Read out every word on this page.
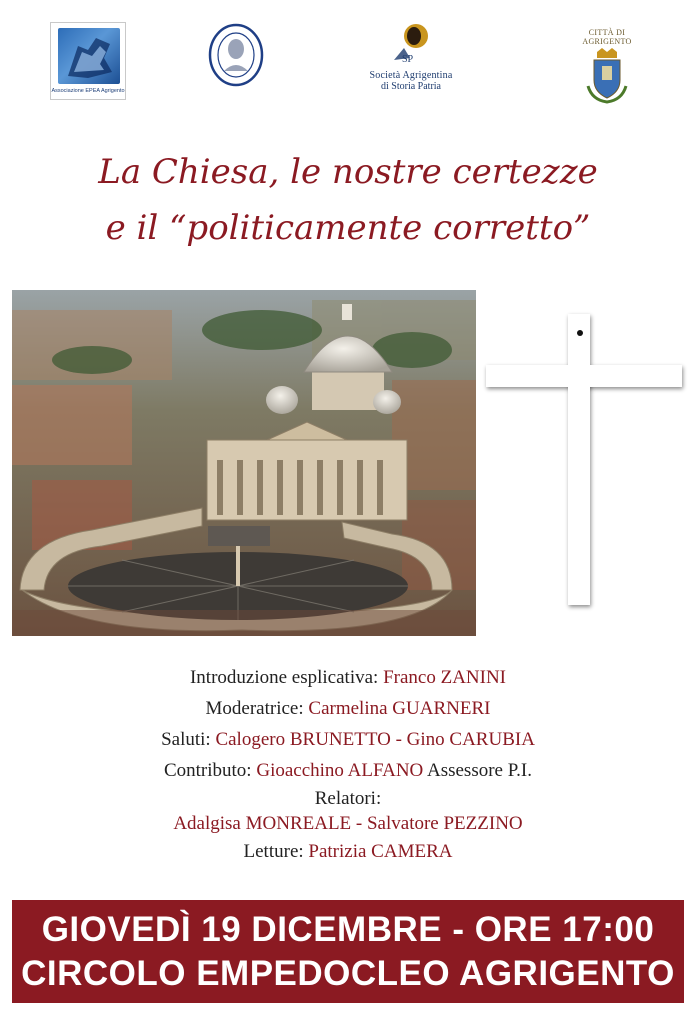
Associazione EPEA Agrigento
SP
Società Agrigentina
di Storia Patria
CITTÀ DI AGRIGENTO
La Chiesa, le nostre certezze
e il “politicamente corretto”
Introduzione esplicativa: Franco ZANINI
Moderatrice: Carmelina GUARNERI
Saluti: Calogero BRUNETTO - Gino CARUBIA
Contributo: Gioacchino ALFANO Assessore P.I.
Relatori:
Adalgisa MONREALE - Salvatore PEZZINO
Letture: Patrizia CAMERA
GIOVEDÌ 19 DICEMBRE - ORE 17:00
CIRCOLO EMPEDOCLEO AGRIGENTO
